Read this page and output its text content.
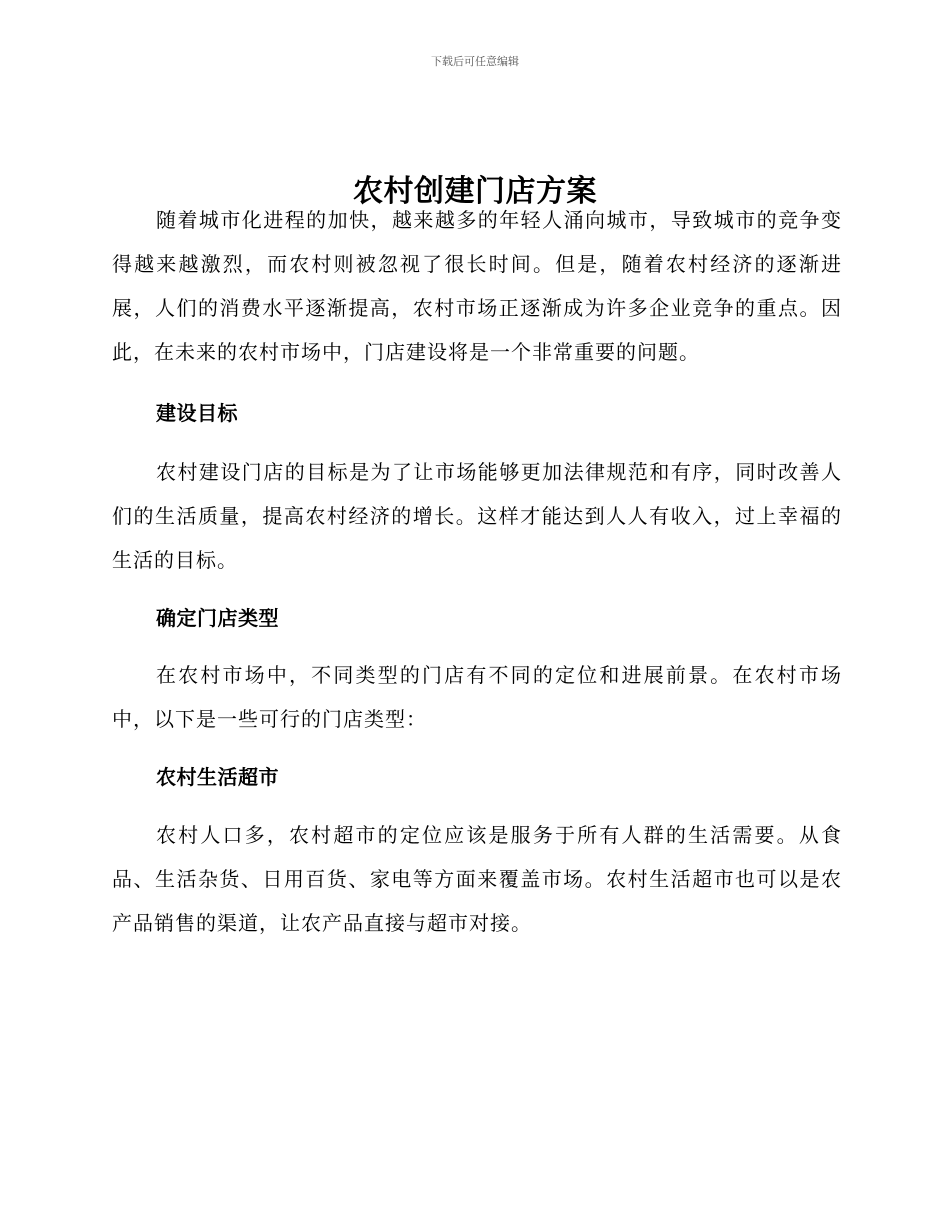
下载后可任意编辑
农村创建门店方案

随着城市化进程的加快，越来越多的年轻人涌向城市，导致城市的竞争变得越来越激烈，而农村则被忽视了很长时间。但是，随着农村经济的逐渐进展，人们的消费水平逐渐提高，农村市场正逐渐成为许多企业竞争的重点。因此，在未来的农村市场中，门店建设将是一个非常重要的问题。

建设目标

农村建设门店的目标是为了让市场能够更加法律规范和有序，同时改善人们的生活质量，提高农村经济的增长。这样才能达到人人有收入，过上幸福的生活的目标。

确定门店类型

在农村市场中，不同类型的门店有不同的定位和进展前景。在农村市场中，以下是一些可行的门店类型：

农村生活超市

农村人口多，农村超市的定位应该是服务于所有人群的生活需要。从食品、生活杂货、日用百货、家电等方面来覆盖市场。农村生活超市也可以是农产品销售的渠道，让农产品直接与超市对接。
